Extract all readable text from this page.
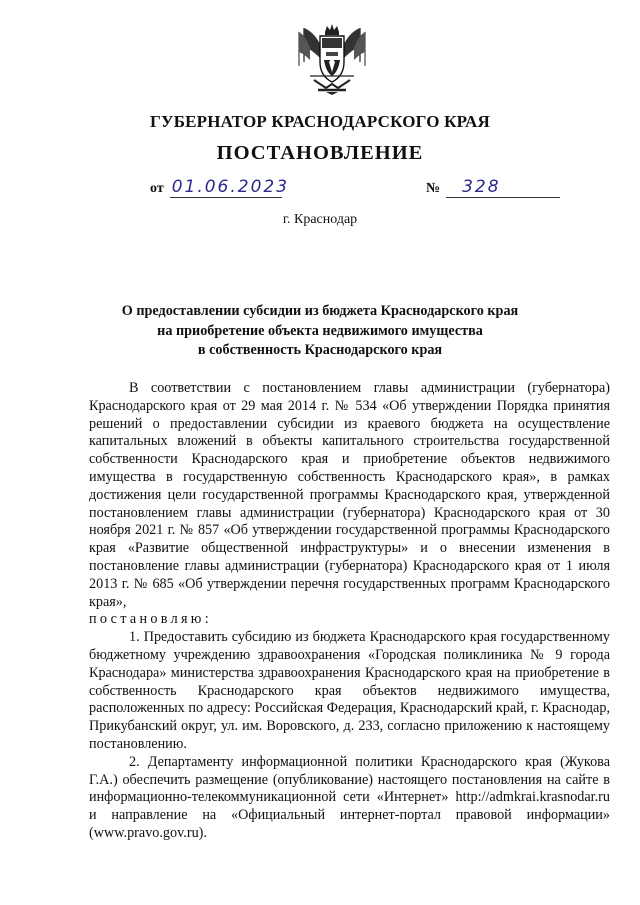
ГУБЕРНАТОР КРАСНОДАРСКОГО КРАЯ
ПОСТАНОВЛЕНИЕ
от 01.06.2023	№ 328
г. Краснодар
О предоставлении субсидии из бюджета Краснодарского края
на приобретение объекта недвижимого имущества
в собственность Краснодарского края

В соответствии с постановлением главы администрации (губернатора) Краснодарского края от 29 мая 2014 г. № 534 «Об утверждении Порядка принятия решений о предоставлении субсидии из краевого бюджета на осуществление капитальных вложений в объекты капитального строительства государственной собственности Краснодарского края и приобретение объектов недвижимого имущества в государственную собственность Краснодарского края», в рамках достижения цели государственной программы Краснодарского края, утвержденной постановлением главы администрации (губернатора) Краснодарского края от 30 ноября 2021 г. № 857 «Об утверждении государственной программы Краснодарского края «Развитие общественной инфраструктуры» и о внесении изменения в постановление главы администрации (губернатора) Краснодарского края от 1 июля 2013 г. № 685 «Об утверждении перечня государственных программ Краснодарского края»,

постановляю:

1. Предоставить субсидию из бюджета Краснодарского края государственному бюджетному учреждению здравоохранения «Городская поликлиника № 9 города Краснодара» министерства здравоохранения Краснодарского края на приобретение в собственность Краснодарского края объектов недвижимого имущества, расположенных по адресу: Российская Федерация, Краснодарский край, г. Краснодар, Прикубанский округ, ул. им. Воровского, д. 233, согласно приложению к настоящему постановлению.

2. Департаменту информационной политики Краснодарского края (Жукова Г.А.) обеспечить размещение (опубликование) настоящего постановления на сайте в информационно-телекоммуникационной сети «Интернет» http://admkrai.krasnodar.ru и направление на «Официальный интернет-портал правовой информации» (www.pravo.gov.ru).
